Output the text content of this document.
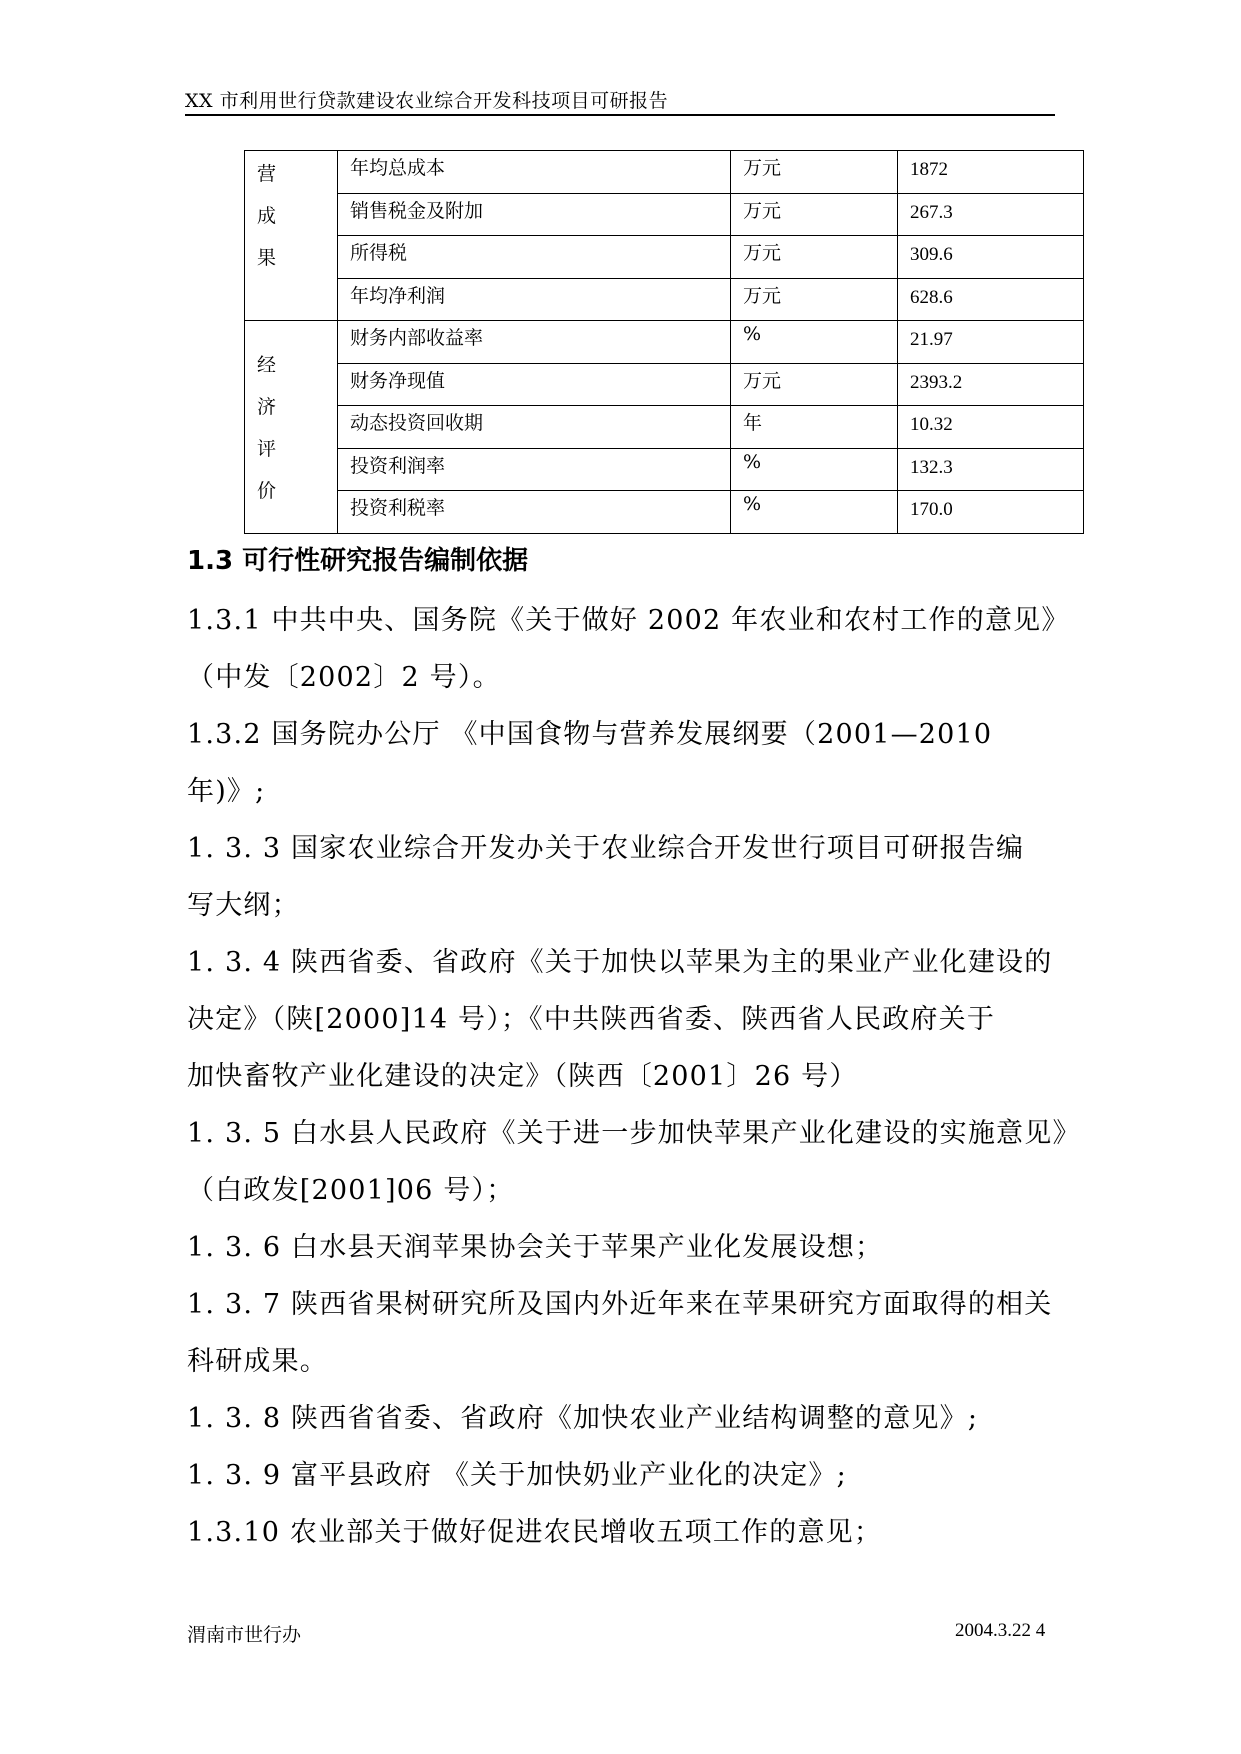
XX 市利用世行贷款建设农业综合开发科技项目可研报告
营
成
果	年均总成本	万元	1872
	销售税金及附加	万元	267.3
	所得税	万元	309.6
	年均净利润	万元	628.6

经
济
评
价	财务内部收益率	%	21.97
	财务净现值	万元	2393.2
	动态投资回收期	年	10.32
	投资利润率	%	132.3
	投资利税率	%	170.0
1.3 可行性研究报告编制依据
1.3.1 中共中央、国务院《关于做好 2002 年农业和农村工作的意见》
（中发〔2002〕2 号）。
1.3.2 国务院办公厅 《中国食物与营养发展纲要（2001—2010
年)》;
1. 3. 3 国家农业综合开发办关于农业综合开发世行项目可研报告编
写大纲；
1. 3. 4 陕西省委、省政府《关于加快以苹果为主的果业产业化建设的
决定》（陕[2000]14 号）；《中共陕西省委、陕西省人民政府关于
加快畜牧产业化建设的决定》（陕西〔2001〕26 号）
1. 3. 5 白水县人民政府《关于进一步加快苹果产业化建设的实施意见》
（白政发[2001]06 号）；
1. 3. 6 白水县天润苹果协会关于苹果产业化发展设想；
1. 3. 7 陕西省果树研究所及国内外近年来在苹果研究方面取得的相关
科研成果。
1. 3. 8 陕西省省委、省政府《加快农业产业结构调整的意见》;
1. 3. 9 富平县政府 《关于加快奶业产业化的决定》;
1.3.10 农业部关于做好促进农民增收五项工作的意见；
渭南市世行办	2004.3.22 4
